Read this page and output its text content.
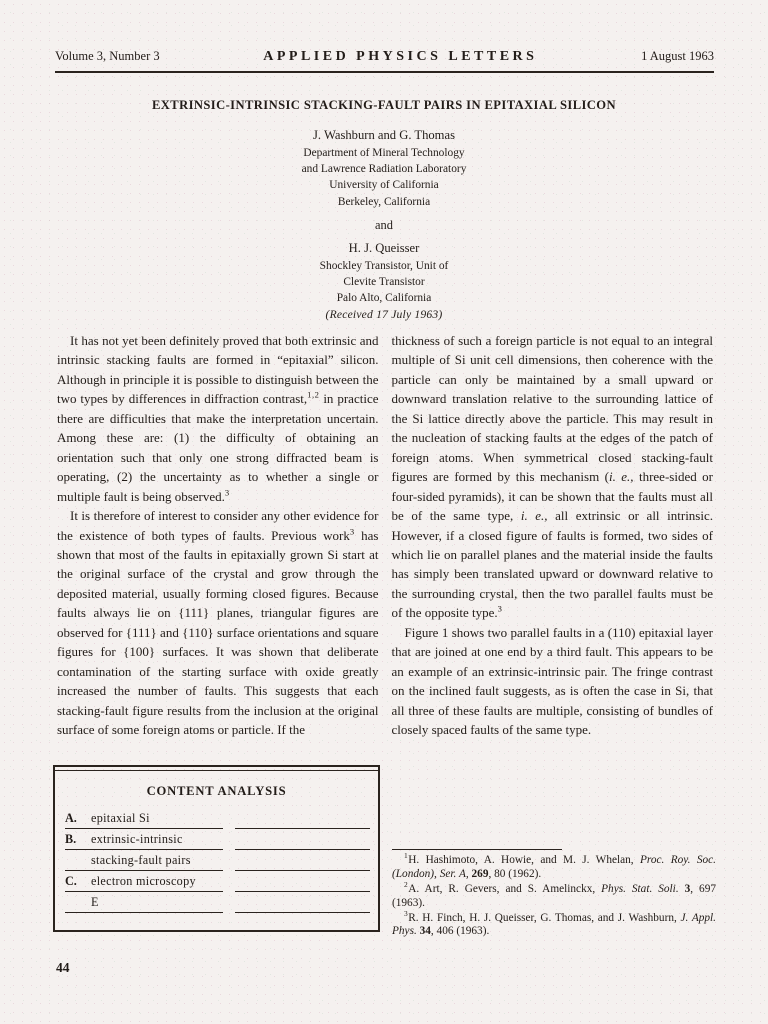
Volume 3, Number 3	APPLIED PHYSICS LETTERS	1 August 1963
EXTRINSIC-INTRINSIC STACKING-FAULT PAIRS IN EPITAXIAL SILICON
J. Washburn and G. Thomas
Department of Mineral Technology
and Lawrence Radiation Laboratory
University of California
Berkeley, California
and
H. J. Queisser
Shockley Transistor, Unit of
Clevite Transistor
Palo Alto, California
(Received 17 July 1963)

It has not yet been definitely proved that both extrinsic and intrinsic stacking faults are formed in “epitaxial” silicon. Although in principle it is possible to distinguish between the two types by differences in diffraction contrast,$^{1,2}$ in practice there are difficulties that make the interpretation uncertain. Among these are: (1) the difficulty of obtaining an orientation such that only one strong diffracted beam is operating, (2) the uncertainty as to whether a single or multiple fault is being observed.$^3$

It is therefore of interest to consider any other evidence for the existence of both types of faults. Previous work$^3$ has shown that most of the faults in epitaxially grown Si start at the original surface of the crystal and grow through the deposited material, usually forming closed figures. Because faults always lie on {111} planes, triangular figures are observed for {111} and {110} surface orientations and square figures for {100} surfaces. It was shown that deliberate contamination of the starting surface with oxide greatly increased the number of faults. This suggests that each stacking-fault figure results from the inclusion at the original surface of some foreign atoms or particle. If the

thickness of such a foreign particle is not equal to an integral multiple of Si unit cell dimensions, then coherence with the particle can only be maintained by a small upward or downward translation relative to the surrounding lattice of the Si lattice directly above the particle. This may result in the nucleation of stacking faults at the edges of the patch of foreign atoms. When symmetrical closed stacking-fault figures are formed by this mechanism (i. e., three-sided or four-sided pyramids), it can be shown that the faults must all be of the same type, i. e., all extrinsic or all intrinsic. However, if a closed figure of faults is formed, two sides of which lie on parallel planes and the material inside the faults has simply been translated upward or downward relative to the surrounding crystal, then the two parallel faults must be of the opposite type.$^3$

Figure 1 shows two parallel faults in a (110) epitaxial layer that are joined at one end by a third fault. This appears to be an example of an extrinsic-intrinsic pair. The fringe contrast on the inclined fault suggests, as is often the case in Si, that all three of these faults are multiple, consisting of bundles of closely spaced faults of the same type.

CONTENT ANALYSIS
A.	epitaxial Si
B.	extrinsic-intrinsic
stacking-fault pairs
C.	electron microscopy
E

$^1$H. Hashimoto, A. Howie, and M. J. Whelan, Proc. Roy. Soc. (London), Ser. A, 269, 80 (1962).

$^2$A. Art, R. Gevers, and S. Amelinckx, Phys. Stat. Soli. 3, 697 (1963).

$^3$R. H. Finch, H. J. Queisser, G. Thomas, and J. Washburn, J. Appl. Phys. 34, 406 (1963).

44
